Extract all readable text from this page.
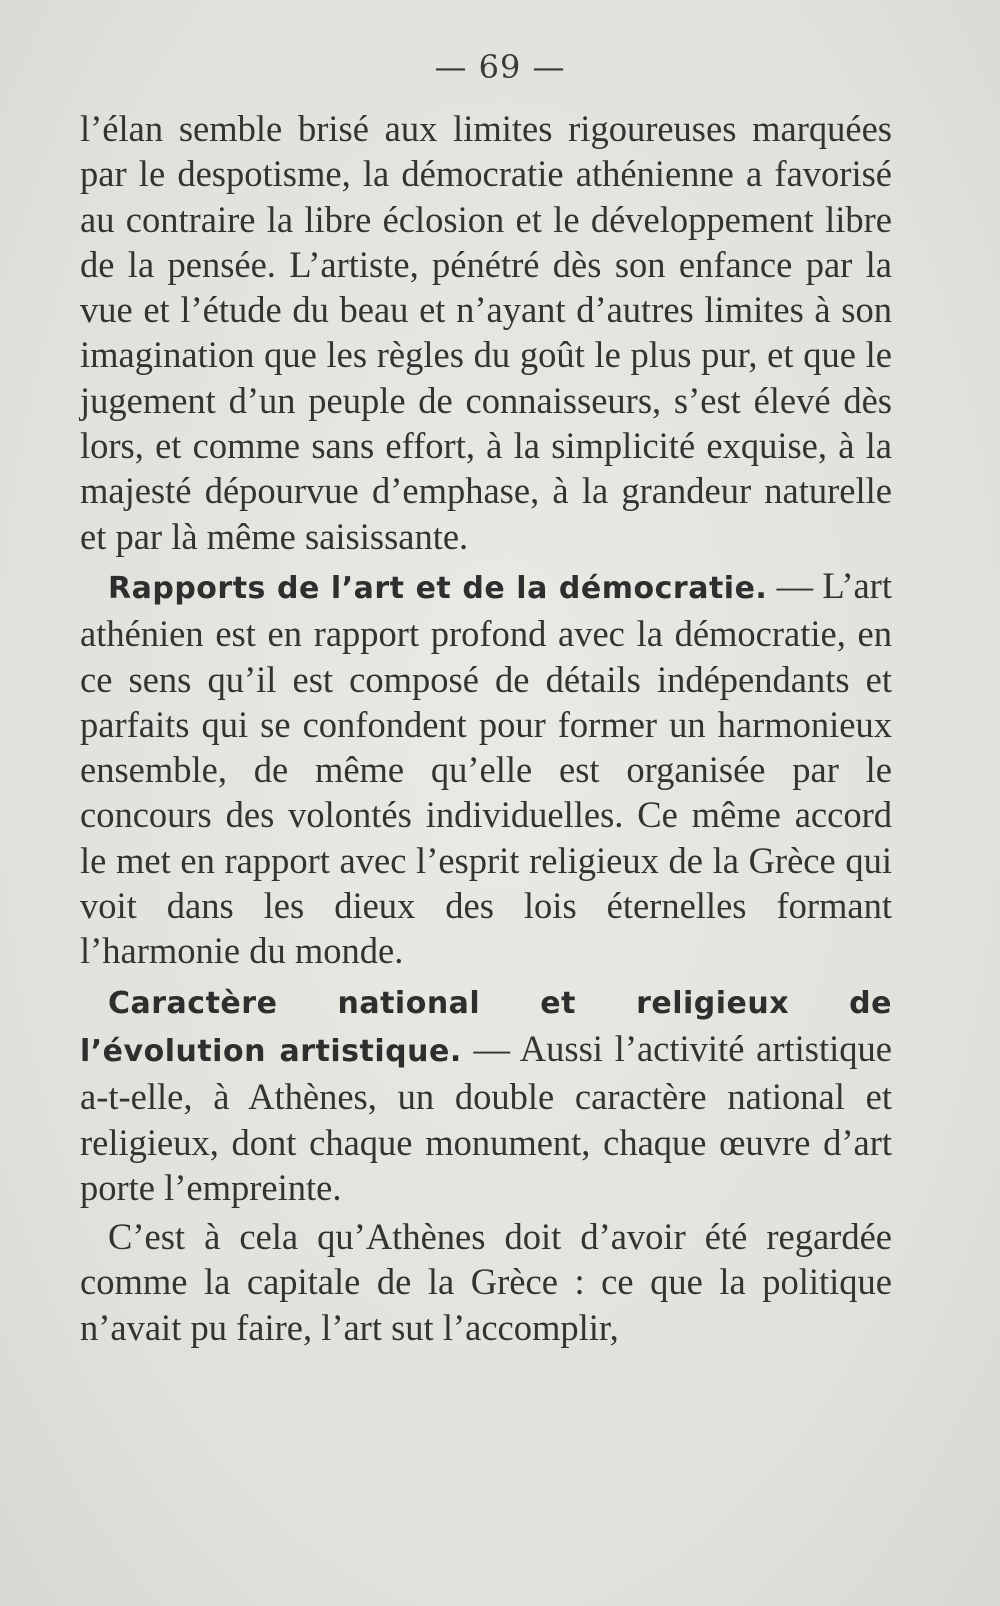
— 69 —

l’élan semble brisé aux limites rigoureuses marquées par le despotisme, la démocratie athénienne a favorisé au contraire la libre éclosion et le développement libre de la pensée. L’artiste, pénétré dès son enfance par la vue et l’étude du beau et n’ayant d’autres limites à son imagination que les règles du goût le plus pur, et que le jugement d’un peuple de connaisseurs, s’est élevé dès lors, et comme sans effort, à la simplicité exquise, à la majesté dépourvue d’emphase, à la grandeur naturelle et par là même saisissante.

Rapports de l’art et de la démocratie. — L’art athénien est en rapport profond avec la démocratie, en ce sens qu’il est composé de détails indépendants et parfaits qui se confondent pour former un harmonieux ensemble, de même qu’elle est organisée par le concours des volontés individuelles. Ce même accord le met en rapport avec l’esprit religieux de la Grèce qui voit dans les dieux des lois éternelles formant l’harmonie du monde.

Caractère national et religieux de l’évolution artistique. — Aussi l’activité artistique a-t-elle, à Athènes, un double caractère national et religieux, dont chaque monument, chaque œuvre d’art porte l’empreinte.

C’est à cela qu’Athènes doit d’avoir été regardée comme la capitale de la Grèce : ce que la politique n’avait pu faire, l’art sut l’accomplir,
